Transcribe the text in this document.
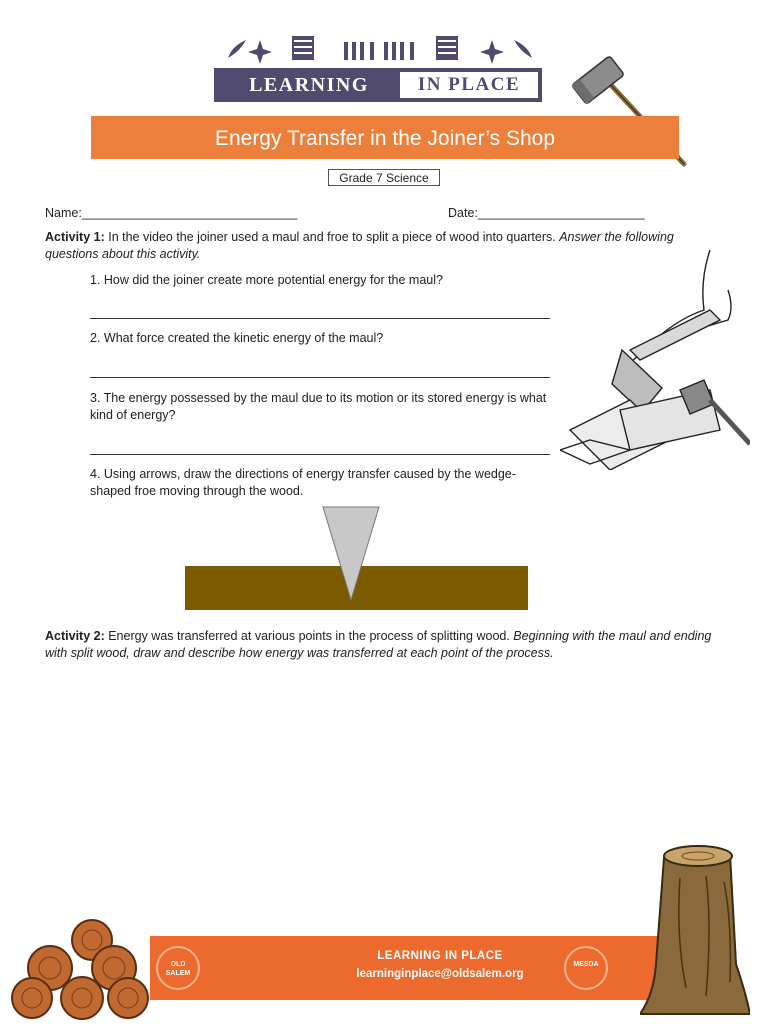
LEARNING	IN PLACE
Energy Transfer in the Joiner’s Shop
Grade 7 Science
Name:_______________________________	Date:________________________
Activity 1: In the video the joiner used a maul and froe to split a piece of wood into quarters. Answer the following questions about this activity.
1. How did the joiner create more potential energy for the maul?
2. What force created the kinetic energy of the maul?
3. The energy possessed by the maul due to its motion or its stored energy is what kind of energy?
4. Using arrows, draw the directions of energy transfer caused by the wedge-shaped froe moving through the wood.
Activity 2: Energy was transferred at various points in the process of splitting wood. Beginning with the maul and ending with split wood, draw and describe how energy was transferred at each point of the process.
LEARNING IN PLACE
learninginplace@oldsalem.org
OLD SALEM
MESDA
